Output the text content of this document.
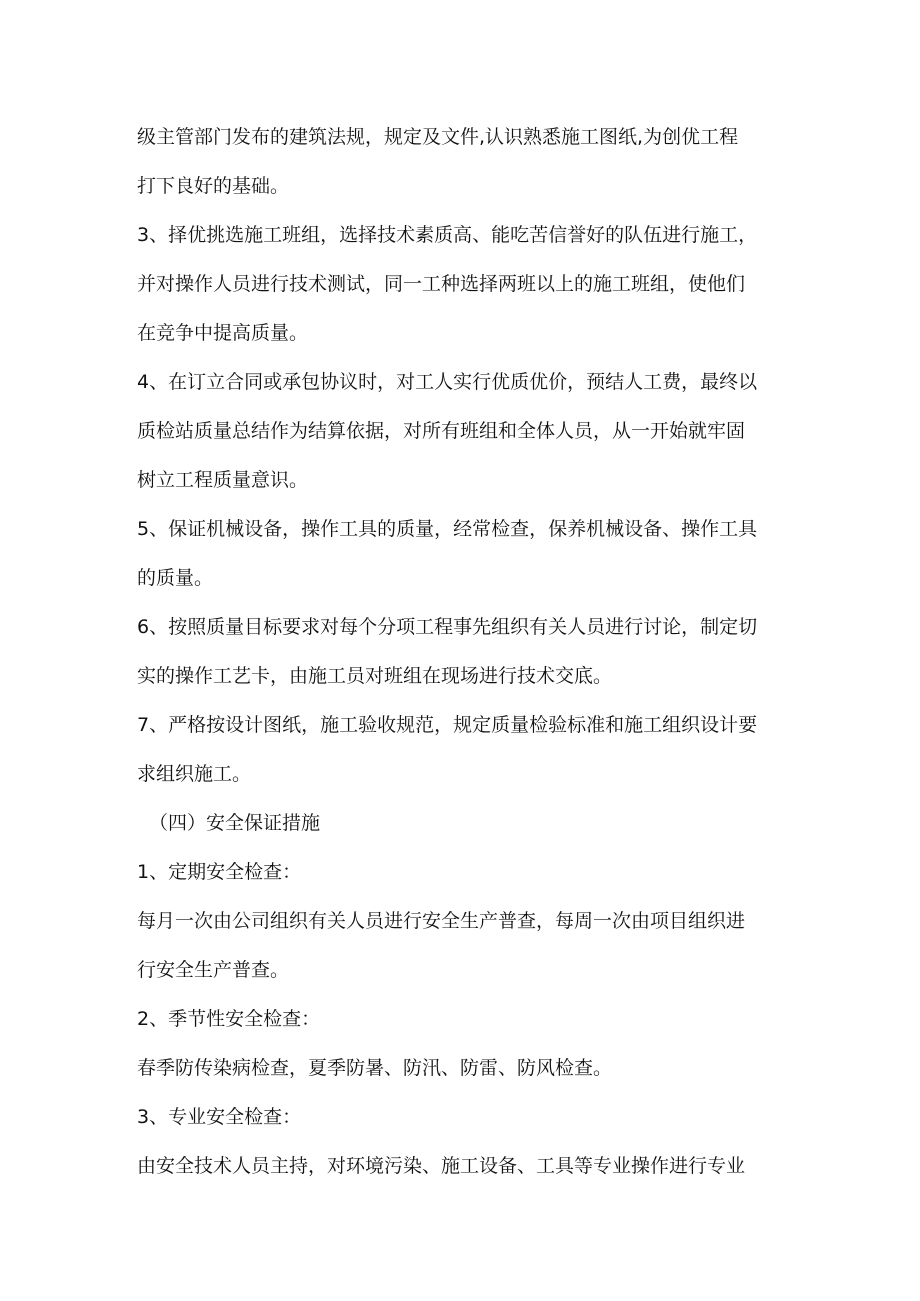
级主管部门发布的建筑法规，规定及文件,认识熟悉施工图纸,为创优工程
打下良好的基础。
3、择优挑选施工班组，选择技术素质高、能吃苦信誉好的队伍进行施工，
并对操作人员进行技术测试，同一工种选择两班以上的施工班组，使他们
在竞争中提高质量。
4、在订立合同或承包协议时，对工人实行优质优价，预结人工费，最终以
质检站质量总结作为结算依据，对所有班组和全体人员，从一开始就牢固
树立工程质量意识。
5、保证机械设备，操作工具的质量，经常检查，保养机械设备、操作工具
的质量。
6、按照质量目标要求对每个分项工程事先组织有关人员进行讨论，制定切
实的操作工艺卡，由施工员对班组在现场进行技术交底。
7、严格按设计图纸，施工验收规范，规定质量检验标准和施工组织设计要
求组织施工。
（四）安全保证措施
1、定期安全检查：
每月一次由公司组织有关人员进行安全生产普查，每周一次由项目组织进
行安全生产普查。
2、季节性安全检查：
春季防传染病检查，夏季防暑、防汛、防雷、防风检查。
3、专业安全检查：
由安全技术人员主持，对环境污染、施工设备、工具等专业操作进行专业
